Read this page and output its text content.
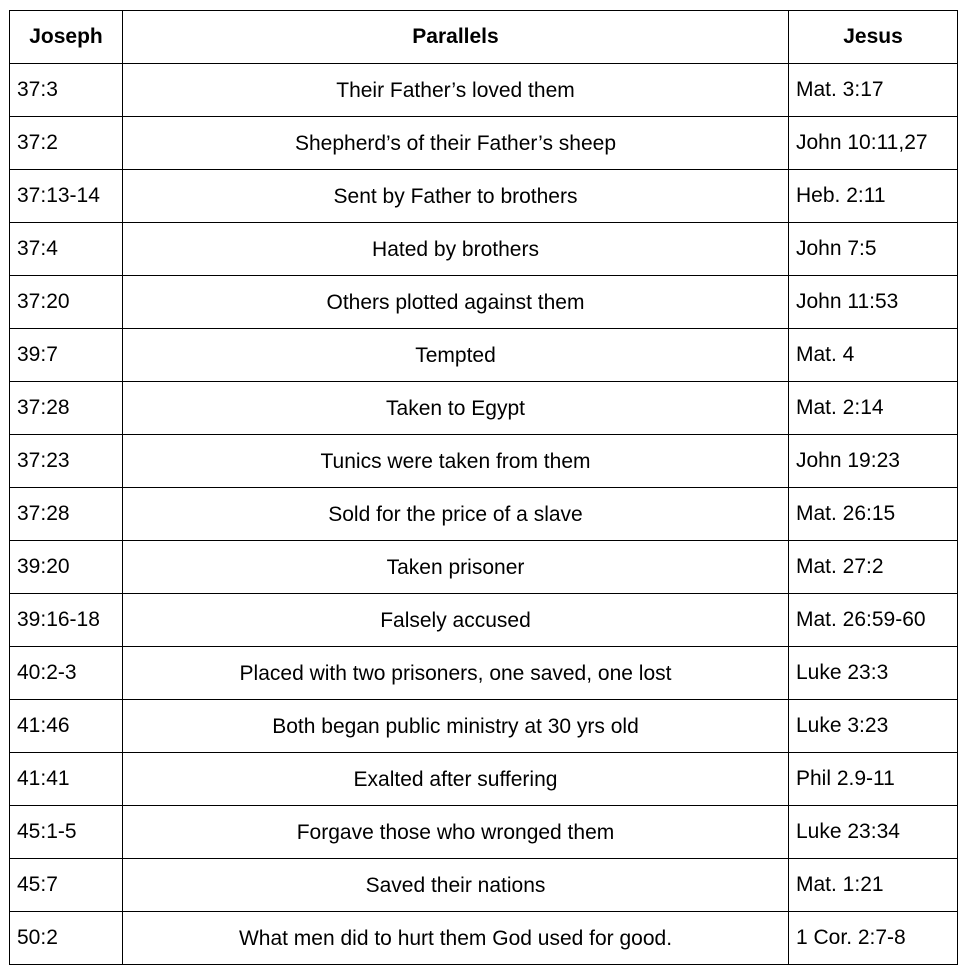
Joseph	Parallels	Jesus
37:3	Their Father’s loved them	Mat. 3:17
37:2	Shepherd’s of their Father’s sheep	John 10:11,27
37:13-14	Sent by Father to brothers	Heb. 2:11
37:4	Hated by brothers	John 7:5
37:20	Others plotted against them	John 11:53
39:7	Tempted	Mat. 4
37:28	Taken to Egypt	Mat. 2:14
37:23	Tunics were taken from them	John 19:23
37:28	Sold for the price of a slave	Mat. 26:15
39:20	Taken prisoner	Mat. 27:2
39:16-18	Falsely accused	Mat. 26:59-60
40:2-3	Placed with two prisoners, one saved, one lost	Luke 23:3
41:46	Both began public ministry at 30 yrs old	Luke 3:23
41:41	Exalted after suffering	Phil 2.9-11
45:1-5	Forgave those who wronged them	Luke 23:34
45:7	Saved their nations	Mat. 1:21
50:2	What men did to hurt them God used for good.	1 Cor. 2:7-8
